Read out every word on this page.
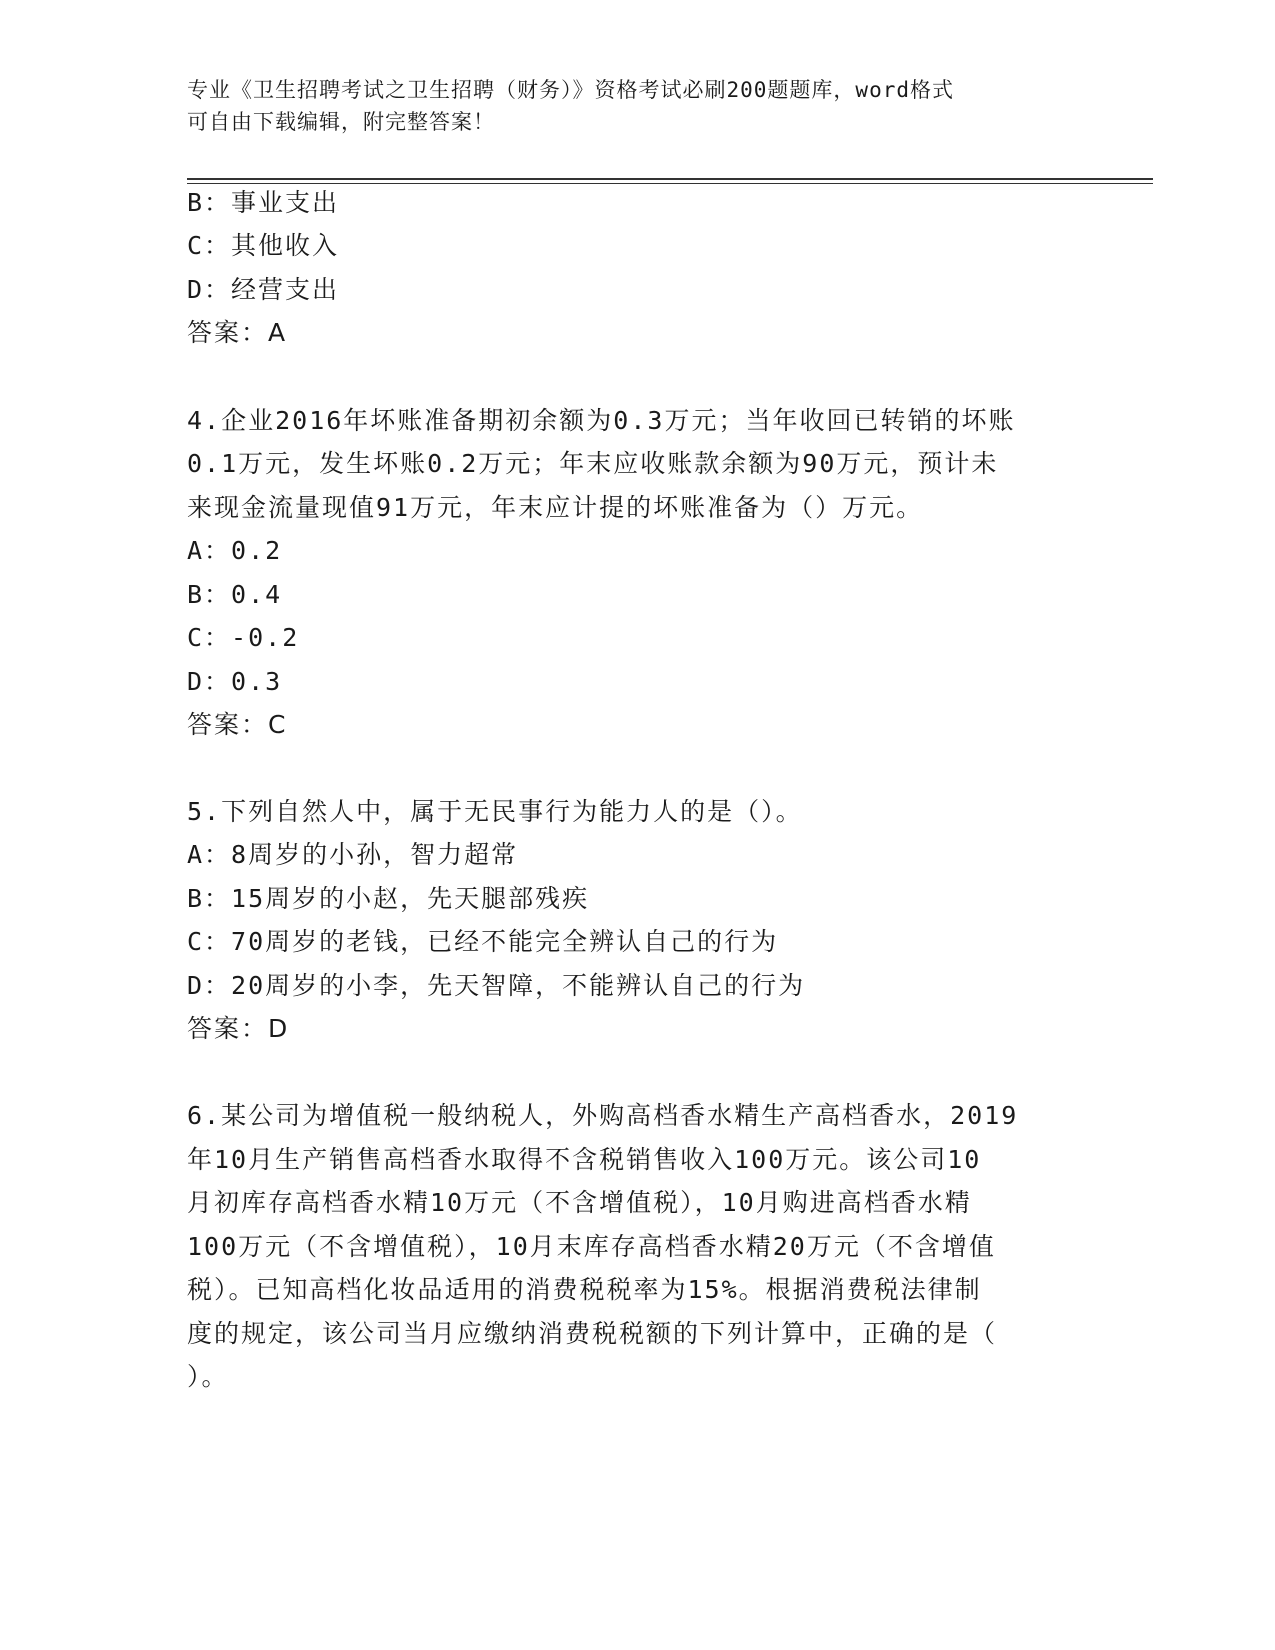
专业《卫生招聘考试之卫生招聘（财务）》资格考试必刷200题题库，word格式
可自由下载编辑，附完整答案！
B：事业支出
C：其他收入
D：经营支出
答案：A
4.企业2016年坏账准备期初余额为0.3万元；当年收回已转销的坏账
0.1万元，发生坏账0.2万元；年末应收账款余额为90万元，预计未
来现金流量现值91万元，年末应计提的坏账准备为（）万元。
A：0.2
B：0.4
C：-0.2
D：0.3
答案：C
5.下列自然人中，属于无民事行为能力人的是（）。
A：8周岁的小孙，智力超常
B：15周岁的小赵，先天腿部残疾
C：70周岁的老钱，已经不能完全辨认自己的行为
D：20周岁的小李，先天智障，不能辨认自己的行为
答案：D
6.某公司为增值税一般纳税人，外购高档香水精生产高档香水，2019
年10月生产销售高档香水取得不含税销售收入100万元。该公司10
月初库存高档香水精10万元（不含增值税），10月购进高档香水精
100万元（不含增值税），10月末库存高档香水精20万元（不含增值
税）。已知高档化妆品适用的消费税税率为15%。根据消费税法律制
度的规定，该公司当月应缴纳消费税税额的下列计算中，正确的是（
）。
